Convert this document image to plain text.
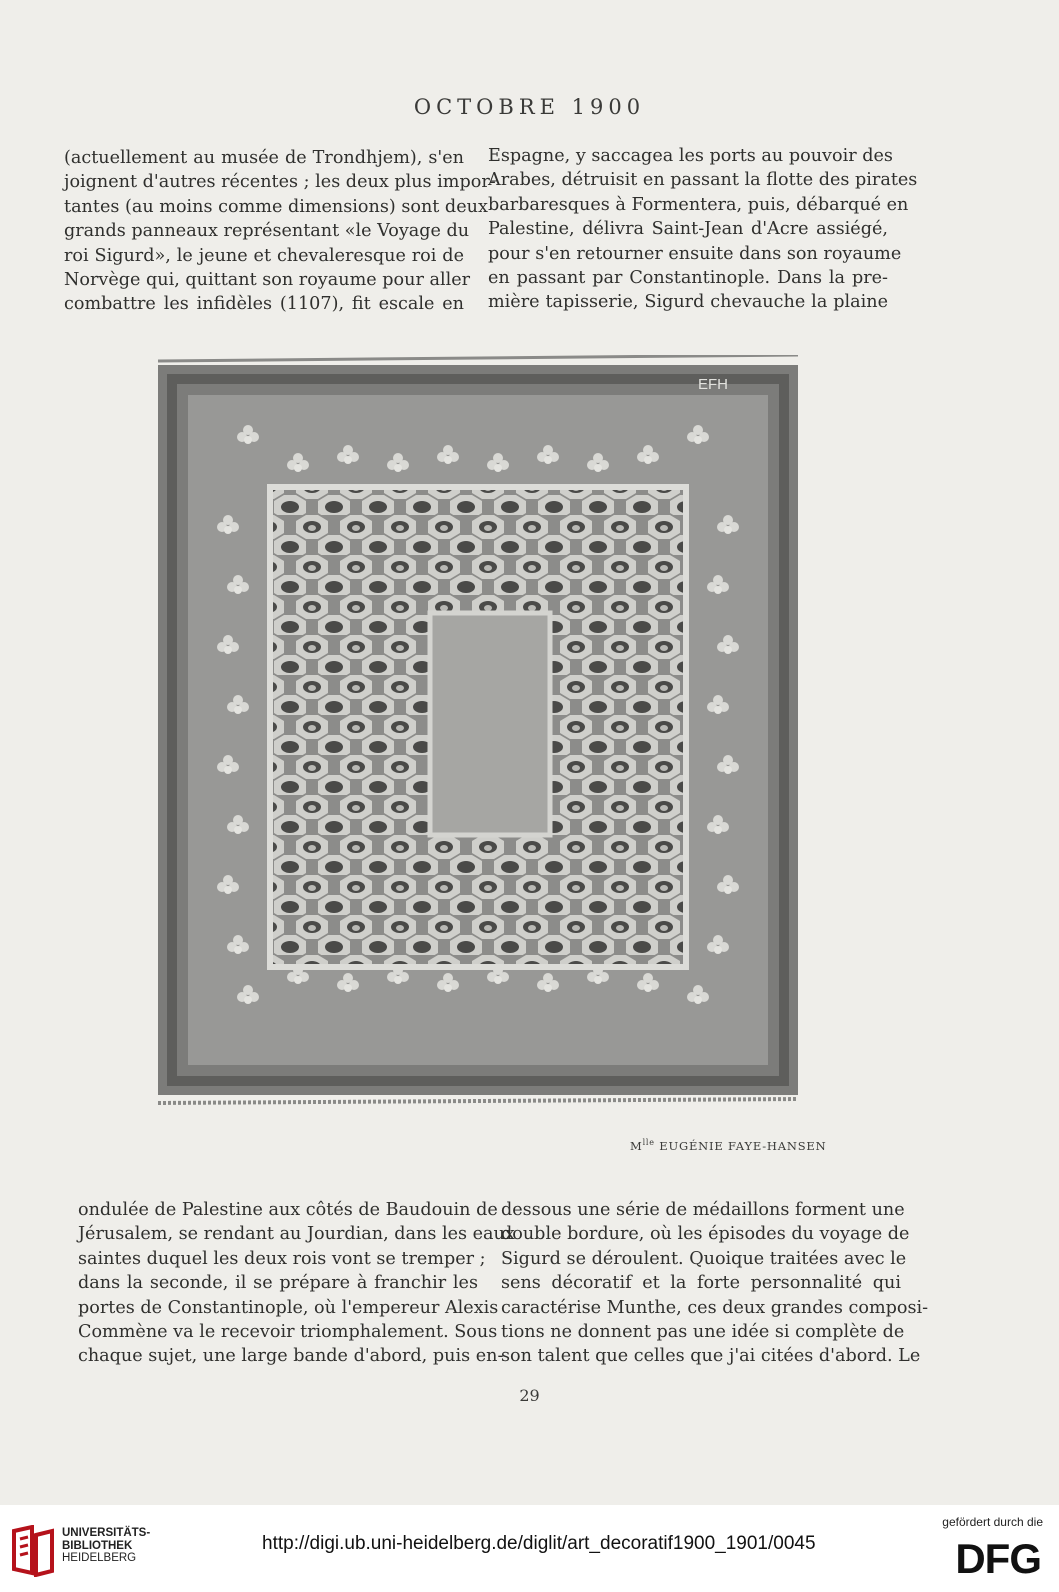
OCTOBRE 1900
(actuellement au musée de Trondhjem), s'en
joignent d'autres récentes ; les deux plus impor-
tantes (au moins comme dimensions) sont deux
grands panneaux représentant «le Voyage du
roi Sigurd», le jeune et chevaleresque roi de
Norvège qui, quittant son royaume pour aller
combattre les infidèles (1107), fit escale en
Espagne, y saccagea les ports au pouvoir des
Arabes, détruisit en passant la flotte des pirates
barbaresques à Formentera, puis, débarqué en
Palestine, délivra Saint-Jean d'Acre assiégé,
pour s'en retourner ensuite dans son royaume
en passant par Constantinople. Dans la pre-
mière tapisserie, Sigurd chevauche la plaine
EFH
$M^{lle}$ EUGÉNIE FAYE-HANSEN
ondulée de Palestine aux côtés de Baudouin de
Jérusalem, se rendant au Jourdian, dans les eaux
saintes duquel les deux rois vont se tremper ;
dans la seconde, il se prépare à franchir les
portes de Constantinople, où l'empereur Alexis
Commène va le recevoir triomphalement. Sous
chaque sujet, une large bande d'abord, puis en-
dessous une série de médaillons forment une
double bordure, où les épisodes du voyage de
Sigurd se déroulent. Quoique traitées avec le
sens décoratif et la forte personnalité qui
caractérise Munthe, ces deux grandes composi-
tions ne donnent pas une idée si complète de
son talent que celles que j'ai citées d'abord. Le
29
UNIVERSITÄTS-
BIBLIOTHEK
HEIDELBERG
http://digi.ub.uni-heidelberg.de/diglit/art_decoratif1900_1901/0045
gefördert durch die
DFG
